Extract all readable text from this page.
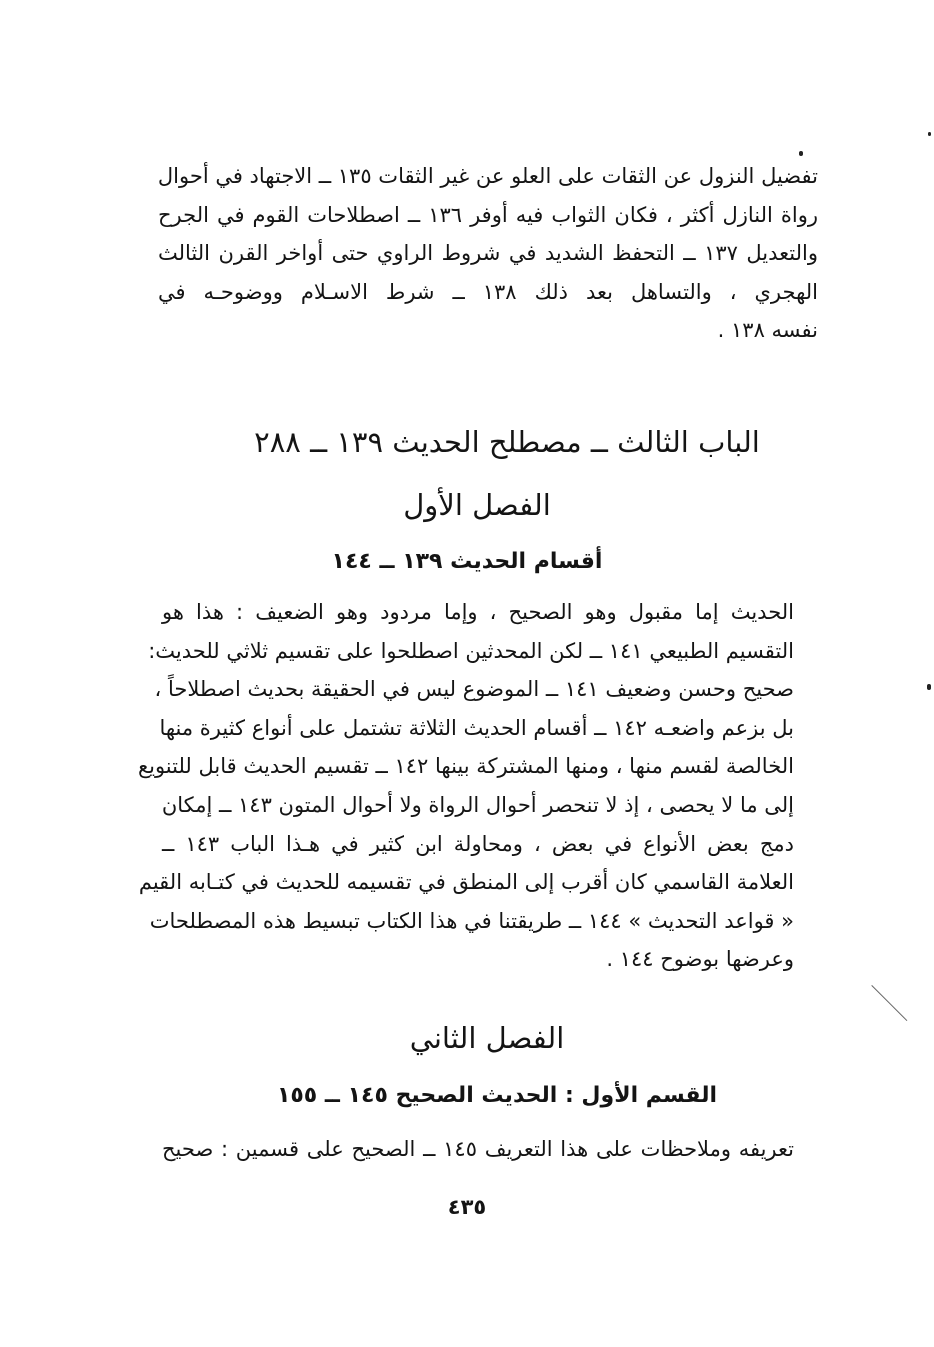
تفضيل النزول عن الثقات على العلو عن غير الثقات ١٣٥ ــ الاجتهاد في أحوال
رواة النازل أكثر ، فكان الثواب فيه أوفر ١٣٦ ــ اصطلاحات القوم في الجرح
والتعديل ١٣٧ ــ التحفظ الشديد في شروط الراوي حتى أواخر القرن الثالث
الهجري ، والتساهل بعد ذلك ١٣٨ ــ شرط الاسـلام ووضوحـه في
نفسه ١٣٨ .
الباب الثالث ــ مصطلح الحديث ١٣٩ ــ ٢٨٨
الفصل الأول
أقسام الحديث ١٣٩ ــ ١٤٤
الحديث إما مقبول وهو الصحيح ، وإما مردود وهو الضعيف : هذا هو
التقسيم الطبيعي ١٤١ ــ لكن المحدثين اصطلحوا على تقسيم ثلاثي للحديث:
صحيح وحسن وضعيف ١٤١ ــ الموضوع ليس في الحقيقة بحديث اصطلاحاً ،
بل بزعم واضعـه ١٤٢ ــ أقسام الحديث الثلاثة تشتمل على أنواع كثيرة منها
الخالصة لقسم منها ، ومنها المشتركة بينها ١٤٢ ــ تقسيم الحديث قابل للتنويع
إلى ما لا يحصى ، إذ لا تنحصر أحوال الرواة ولا أحوال المتون ١٤٣ ــ إمكان
دمج بعض الأنواع في بعض ، ومحاولة ابن كثير في هـذا الباب ١٤٣ ــ
العلامة القاسمي كان أقرب إلى المنطق في تقسيمه للحديث في كتـابه القيم
« قواعد التحديث » ١٤٤ ــ طريقتنا في هذا الكتاب تبسيط هذه المصطلحات
وعرضها بوضوح ١٤٤ .
الفصل الثاني
القسم الأول : الحديث الصحيح ١٤٥ ــ ١٥٥
تعريفه وملاحظات على هذا التعريف ١٤٥ ــ الصحيح على قسمين : صحيح
٤٣٥
